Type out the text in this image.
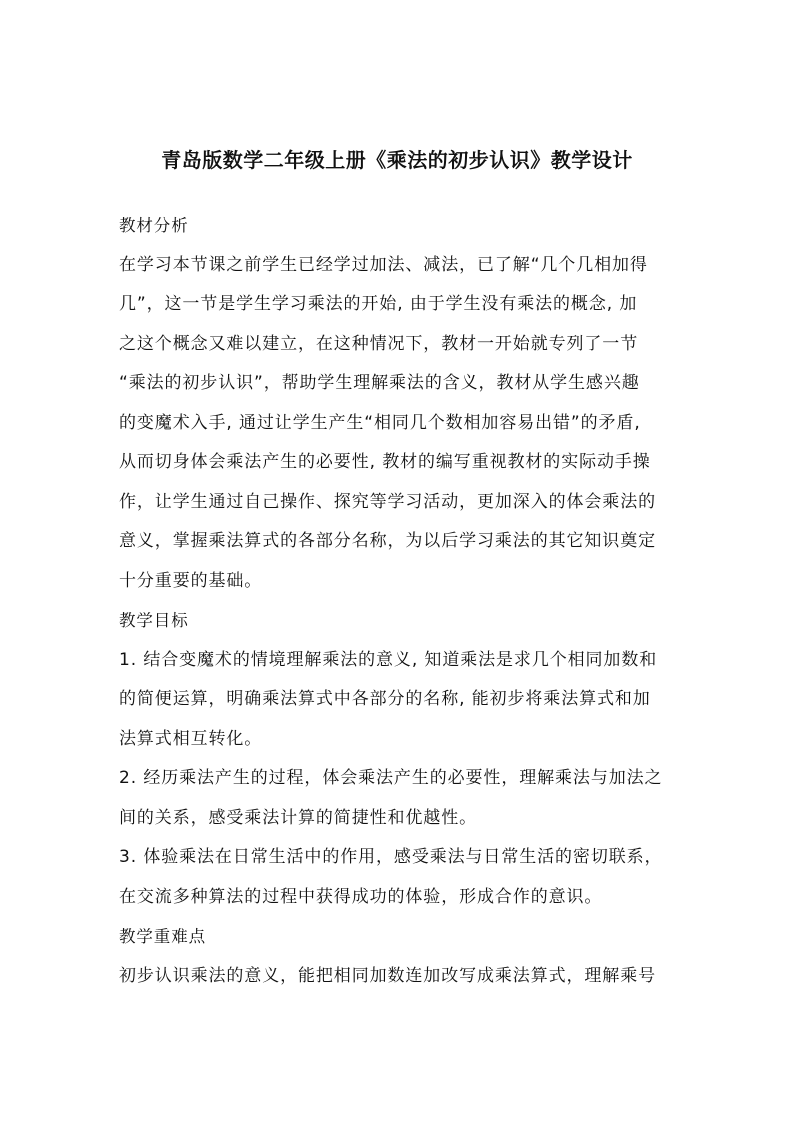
青岛版数学二年级上册《乘法的初步认识》教学设计
教材分析
在学习本节课之前学生已经学过加法、减法，已了解“几个几相加得
几”，这一节是学生学习乘法的开始, 由于学生没有乘法的概念, 加
之这个概念又难以建立，在这种情况下，教材一开始就专列了一节
“乘法的初步认识”，帮助学生理解乘法的含义，教材从学生感兴趣
的变魔术入手, 通过让学生产生“相同几个数相加容易出错”的矛盾,
从而切身体会乘法产生的必要性, 教材的编写重视教材的实际动手操
作，让学生通过自己操作、探究等学习活动，更加深入的体会乘法的
意义，掌握乘法算式的各部分名称，为以后学习乘法的其它知识奠定
十分重要的基础。
教学目标
1. 结合变魔术的情境理解乘法的意义, 知道乘法是求几个相同加数和
的简便运算，明确乘法算式中各部分的名称, 能初步将乘法算式和加
法算式相互转化。
2. 经历乘法产生的过程，体会乘法产生的必要性，理解乘法与加法之
间的关系，感受乘法计算的简捷性和优越性。
3. 体验乘法在日常生活中的作用，感受乘法与日常生活的密切联系，
在交流多种算法的过程中获得成功的体验，形成合作的意识。
教学重难点
初步认识乘法的意义，能把相同加数连加改写成乘法算式，理解乘号
